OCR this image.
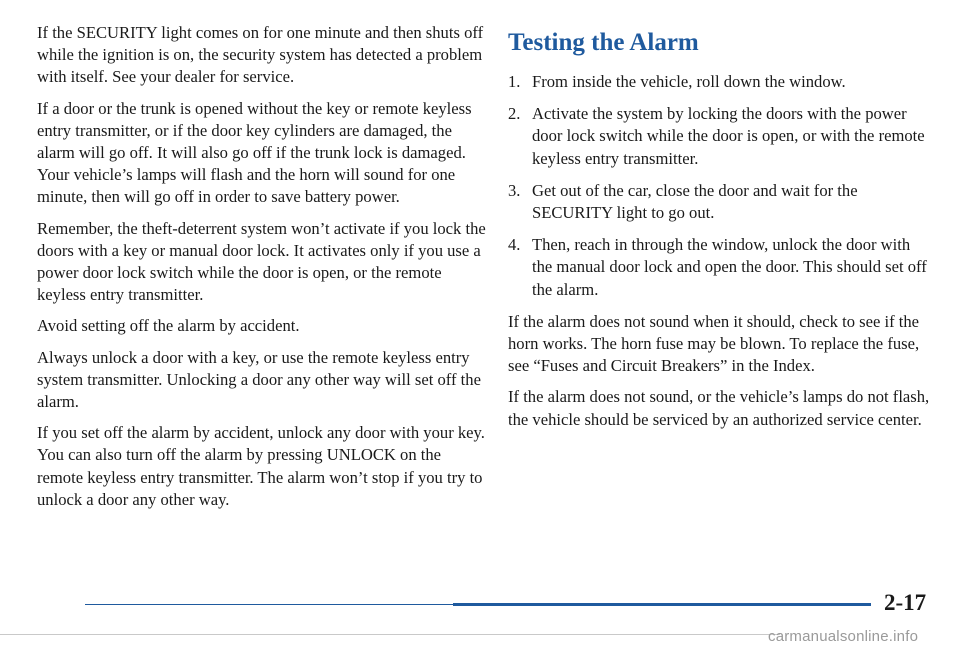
If the SECURITY light comes on for one minute and then shuts off while the ignition is on, the security system has detected a problem with itself. See your dealer for service.

If a door or the trunk is opened without the key or remote keyless entry transmitter, or if the door key cylinders are damaged, the alarm will go off. It will also go off if the trunk lock is damaged. Your vehicle’s lamps will flash and the horn will sound for one minute, then will go off in order to save battery power.

Remember, the theft-deterrent system won’t activate if you lock the doors with a key or manual door lock. It activates only if you use a power door lock switch while the door is open, or the remote keyless entry transmitter.

Avoid setting off the alarm by accident.

Always unlock a door with a key, or use the remote keyless entry system transmitter. Unlocking a door any other way will set off the alarm.

If you set off the alarm by accident, unlock any door with your key. You can also turn off the alarm by pressing UNLOCK on the remote keyless entry transmitter. The alarm won’t stop if you try to unlock a door any other way.

Testing the Alarm
1. From inside the vehicle, roll down the window.
2. Activate the system by locking the doors with the power door lock switch while the door is open, or with the remote keyless entry transmitter.
3. Get out of the car, close the door and wait for the SECURITY light to go out.
4. Then, reach in through the window, unlock the door with the manual door lock and open the door. This should set off the alarm.

If the alarm does not sound when it should, check to see if the horn works. The horn fuse may be blown. To replace the fuse, see “Fuses and Circuit Breakers” in the Index.

If the alarm does not sound, or the vehicle’s lamps do not flash, the vehicle should be serviced by an authorized service center.

2-17
carmanualsonline.info
